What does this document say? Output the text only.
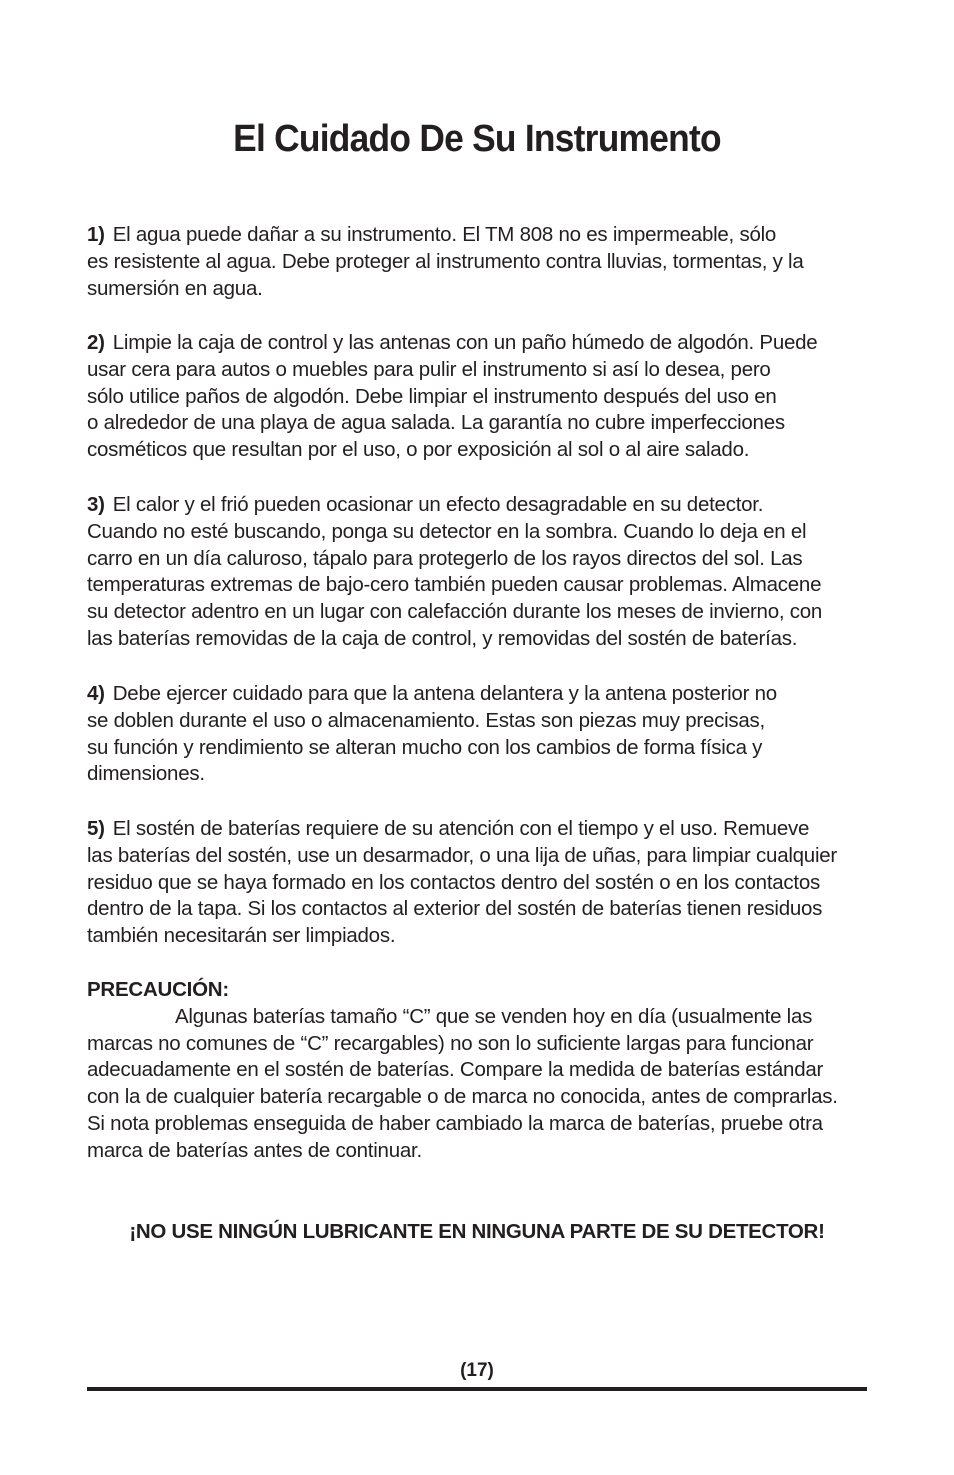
El Cuidado De Su Instrumento
1) El agua puede dañar a su instrumento. El TM 808 no es impermeable, sólo
es resistente al agua. Debe proteger al instrumento contra lluvias, tormentas, y la
sumersión en agua.
2) Limpie la caja de control y las antenas con un paño húmedo de algodón. Puede
usar cera para autos o muebles para pulir el instrumento si así lo desea, pero
sólo utilice paños de algodón. Debe limpiar el instrumento después del uso en
o alrededor de una playa de agua salada. La garantía no cubre imperfecciones
cosméticos que resultan por el uso, o por exposición al sol o al aire salado.
3) El calor y el frió pueden ocasionar un efecto desagradable en su detector.
Cuando no esté buscando, ponga su detector en la sombra. Cuando lo deja en el
carro en un día caluroso, tápalo para protegerlo de los rayos directos del sol. Las
temperaturas extremas de bajo-cero también pueden causar problemas. Almacene
su detector adentro en un lugar con calefacción durante los meses de invierno, con
las baterías removidas de la caja de control, y removidas del sostén de baterías.
4) Debe ejercer cuidado para que la antena delantera y la antena posterior no
se doblen durante el uso o almacenamiento. Estas son piezas muy precisas,
su función y rendimiento se alteran mucho con los cambios de forma física y
dimensiones.
5) El sostén de baterías requiere de su atención con el tiempo y el uso. Remueve
las baterías del sostén, use un desarmador, o una lija de uñas, para limpiar cualquier
residuo que se haya formado en los contactos dentro del sostén o en los contactos
dentro de la tapa. Si los contactos al exterior del sostén de baterías tienen residuos
también necesitarán ser limpiados.
PRECAUCIÓN:
Algunas baterías tamaño “C” que se venden hoy en día (usualmente las
marcas no comunes de “C” recargables) no son lo suficiente largas para funcionar
adecuadamente en el sostén de baterías. Compare la medida de baterías estándar
con la de cualquier batería recargable o de marca no conocida, antes de comprarlas.
Si nota problemas enseguida de haber cambiado la marca de baterías, pruebe otra
marca de baterías antes de continuar.
¡NO USE NINGÚN LUBRICANTE EN NINGUNA PARTE DE SU DETECTOR!
(17)
